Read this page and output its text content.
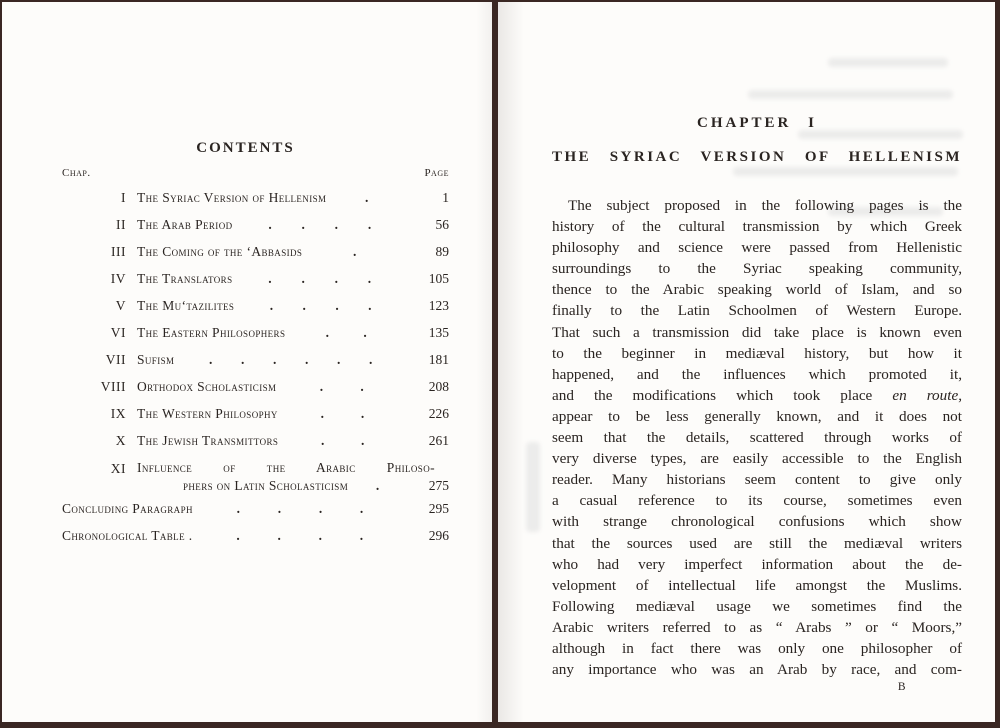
CONTENTS
Chap.	Page
I The Syriac Version of Hellenism	.	1
II The Arab Period	. . . .	56
III The Coming of the ‘Abbasids	.	89
IV The Translators	. . . .	105
V The Mu‘tazilites	. . . .	123
VI The Eastern Philosophers	.	.	135
VII Sufism	. . . . . .	181
VIII Orthodox Scholasticism	.	.	208
IX The Western Philosophy	.	.	226
X The Jewish Transmittors	.	.	261
XI Influence of the Arabic Philoso-
phers on Latin Scholasticism .	275
Concluding Paragraph	.	.	.	.	295
Chronological Table .	.	.	.	.	296
CHAPTER I
THE SYRIAC VERSION OF HELLENISM
The subject proposed in the following pages is the
history of the cultural transmission by which Greek
philosophy and science were passed from Hellenistic
surroundings to the Syriac speaking community,
thence to the Arabic speaking world of Islam, and so
finally to the Latin Schoolmen of Western Europe.
That such a transmission did take place is known even
to the beginner in mediæval history, but how it
happened, and the influences which promoted it,
and the modifications which took place en route,
appear to be less generally known, and it does not
seem that the details, scattered through works of
very diverse types, are easily accessible to the English
reader. Many historians seem content to give only
a casual reference to its course, sometimes even
with strange chronological confusions which show
that the sources used are still the mediæval writers
who had very imperfect information about the de-
velopment of intellectual life amongst the Muslims.
Following mediæval usage we sometimes find the
Arabic writers referred to as “ Arabs ” or “ Moors,”
although in fact there was only one philosopher of
any importance who was an Arab by race, and com-
B
